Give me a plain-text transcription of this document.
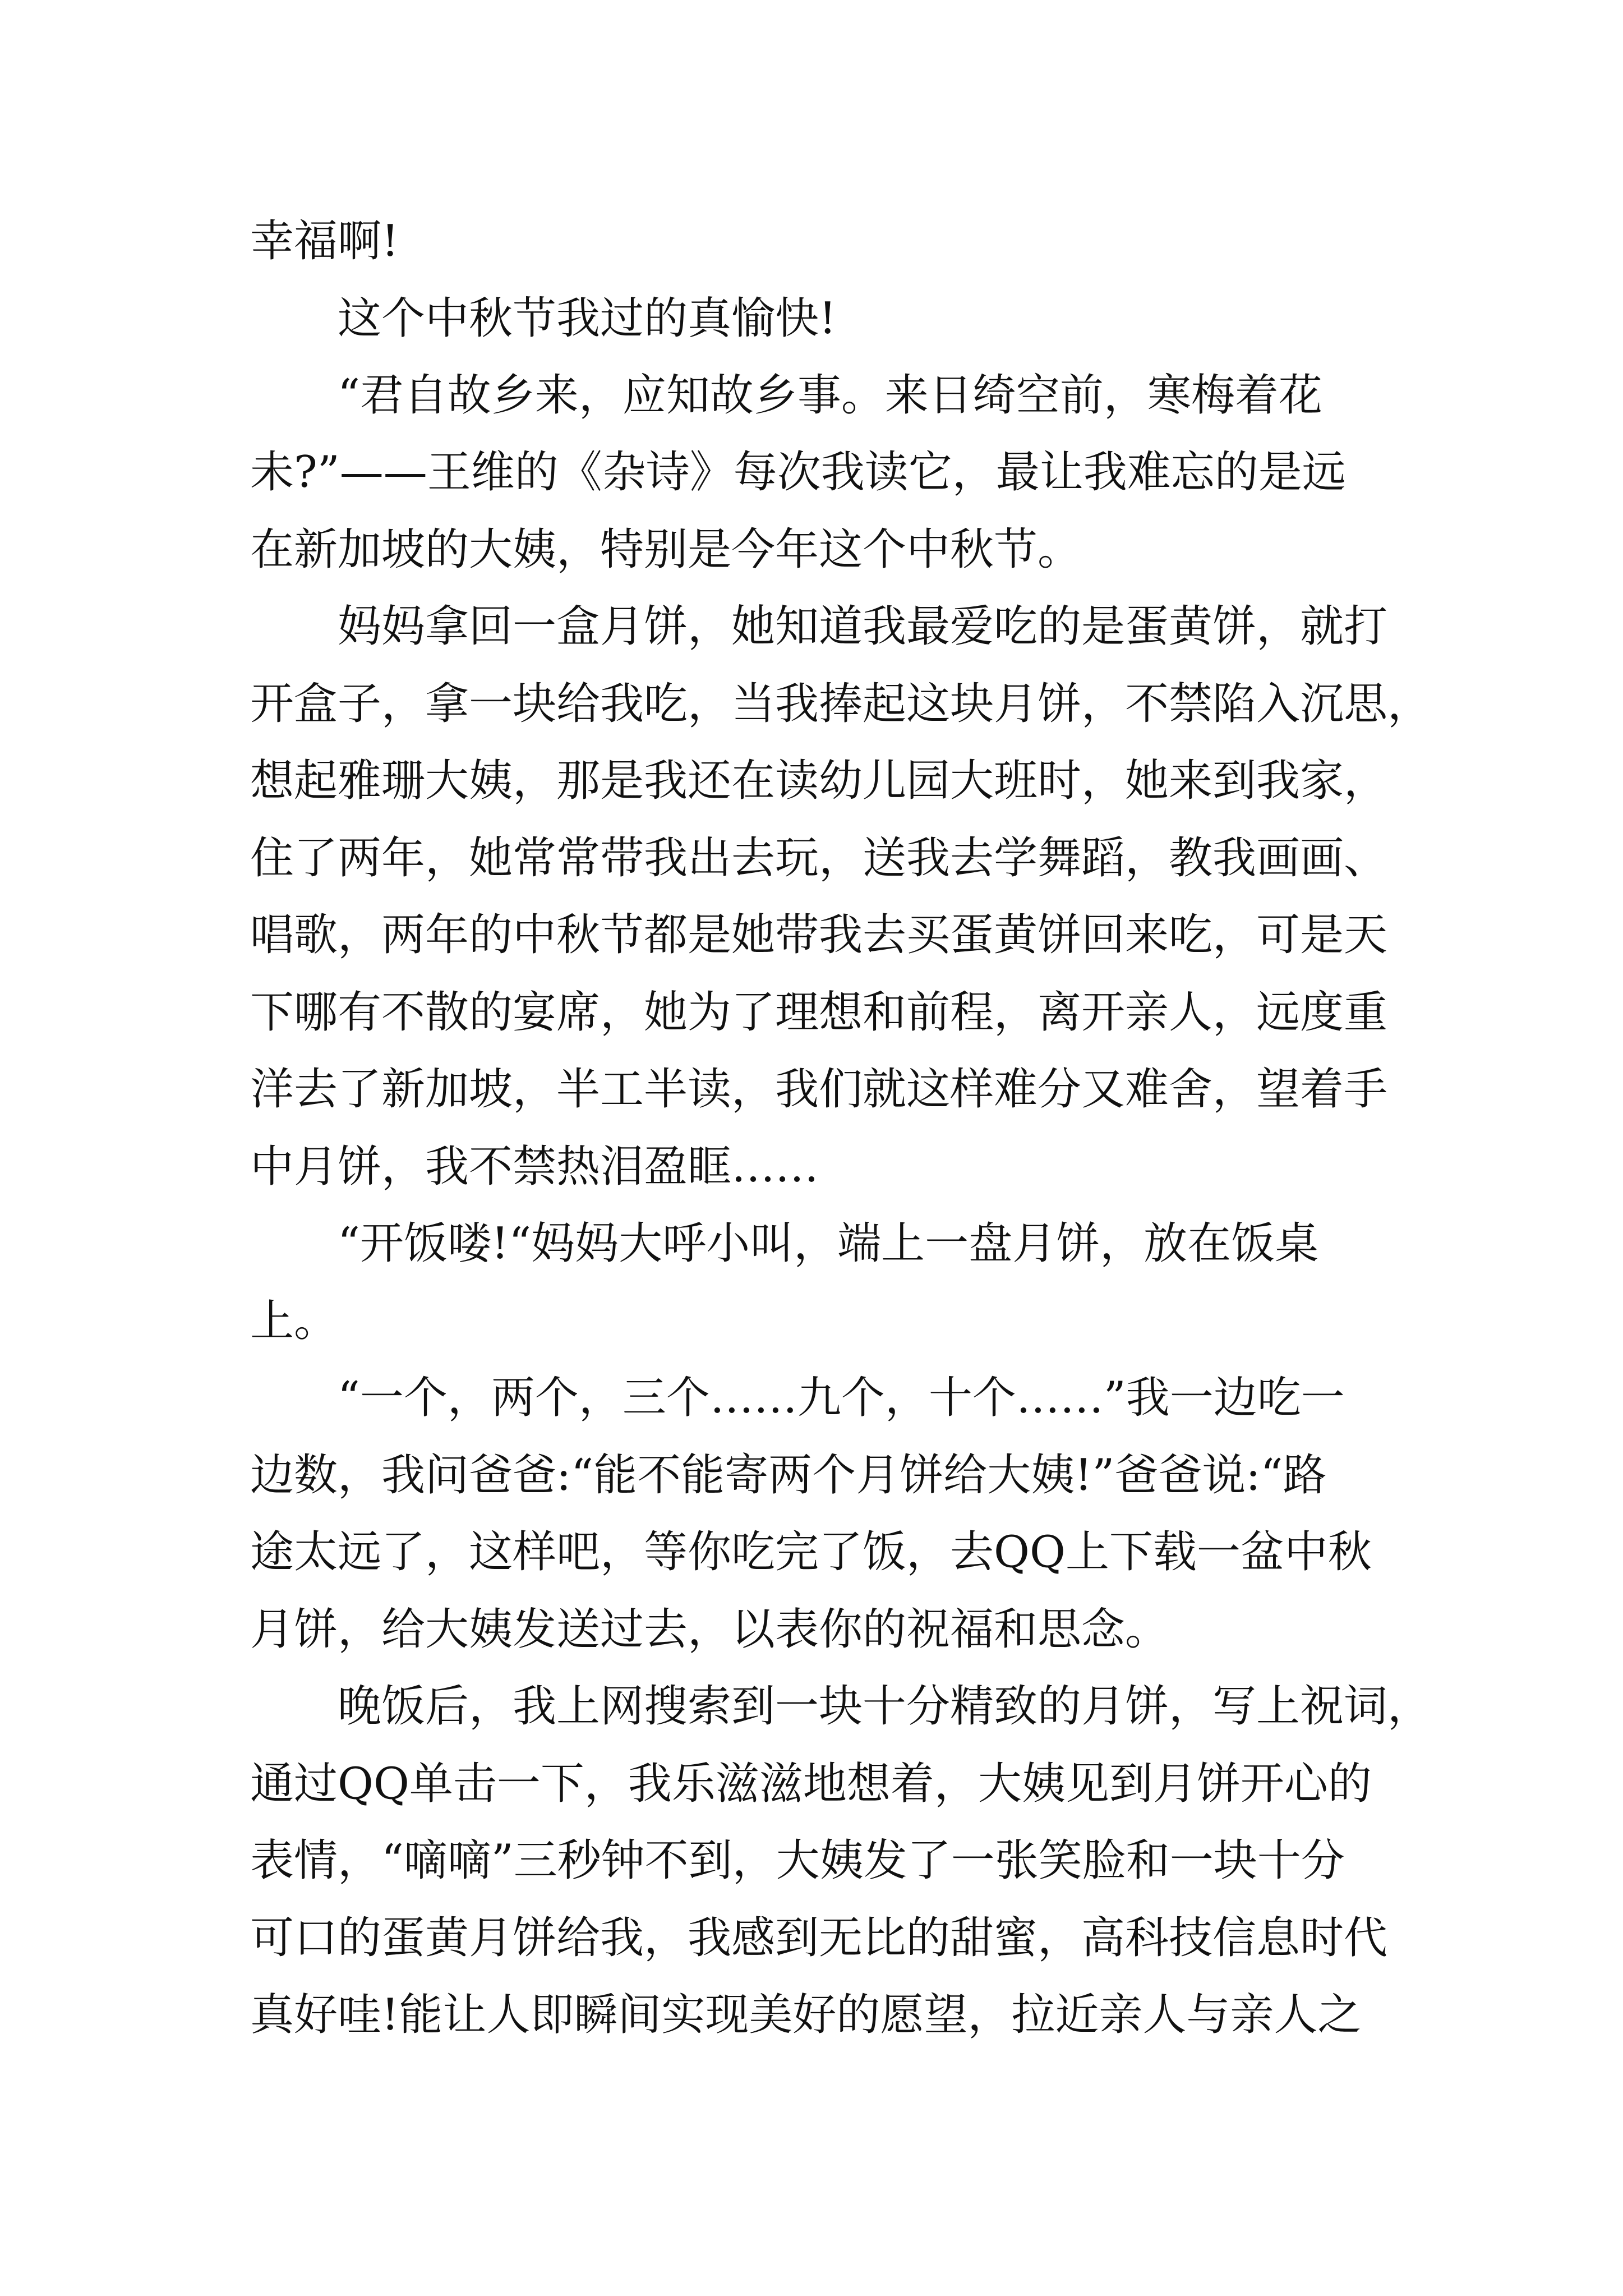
幸福啊!
这个中秋节我过的真愉快!
“君自故乡来，应知故乡事。来日绮空前，寒梅着花
未?”——王维的《杂诗》每次我读它，最让我难忘的是远
在新加坡的大姨，特别是今年这个中秋节。
妈妈拿回一盒月饼，她知道我最爱吃的是蛋黄饼，就打
开盒子，拿一块给我吃，当我捧起这块月饼，不禁陷入沉思，
想起雅珊大姨，那是我还在读幼儿园大班时，她来到我家，
住了两年，她常常带我出去玩，送我去学舞蹈，教我画画、
唱歌，两年的中秋节都是她带我去买蛋黄饼回来吃，可是天
下哪有不散的宴席，她为了理想和前程，离开亲人，远度重
洋去了新加坡，半工半读，我们就这样难分又难舍，望着手
中月饼，我不禁热泪盈眶……
“开饭喽!“妈妈大呼小叫，端上一盘月饼，放在饭桌
上。
“一个，两个，三个……九个，十个……”我一边吃一
边数，我问爸爸:“能不能寄两个月饼给大姨!”爸爸说:“路
途太远了，这样吧，等你吃完了饭，去QQ上下载一盆中秋
月饼，给大姨发送过去，以表你的祝福和思念。
晚饭后，我上网搜索到一块十分精致的月饼，写上祝词，
通过QQ单击一下，我乐滋滋地想着，大姨见到月饼开心的
表情，“嘀嘀”三秒钟不到，大姨发了一张笑脸和一块十分
可口的蛋黄月饼给我，我感到无比的甜蜜，高科技信息时代
真好哇!能让人即瞬间实现美好的愿望，拉近亲人与亲人之
